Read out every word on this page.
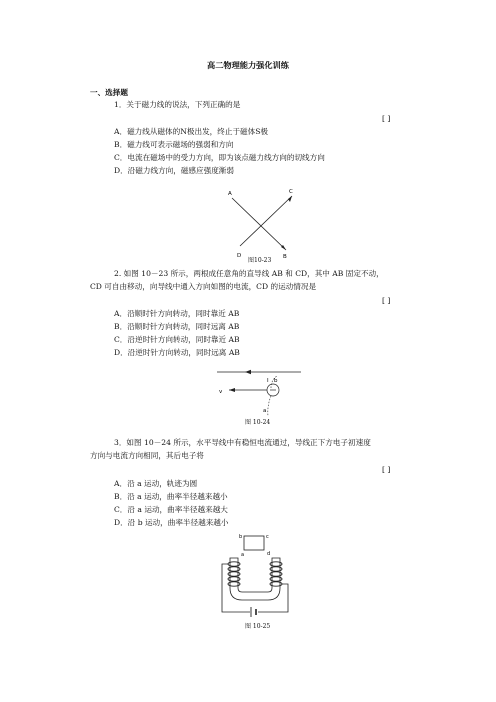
高二物理能力强化训练
一、选择题
1．关于磁力线的说法，下列正确的是
[ ]
A．磁力线从磁体的N极出发，终止于磁体S极
B．磁力线可表示磁场的强弱和方向
C．电流在磁场中的受力方向，即为该点磁力线方向的切线方向
D．沿磁力线方向，磁感应强度渐弱
A	C
D	B
图10-23
2. 如图 10－23 所示，两根成任意角的直导线 AB 和 CD，其中 AB 固定不动，
CD 可自由移动，向导线中通入方向如图的电流，CD 的运动情况是
[ ]
A．沿顺时针方向转动，同时靠近 AB
B．沿顺时针方向转动，同时远离 AB
C．沿逆时针方向转动，同时靠近 AB
D．沿逆时针方向转动，同时远离 AB
I b
v
a
图 10-24
3．如图 10－24 所示，水平导线中有稳恒电流通过，导线正下方电子初速度
方向与电流方向相同，其后电子将
[ ]
A．沿 a 运动，轨迹为圆
B．沿 a 运动，曲率半径越来越小
C．沿 a 运动，曲率半径越来越大
D．沿 b 运动，曲率半径越来越小
b	c
a	d
图 10-25
